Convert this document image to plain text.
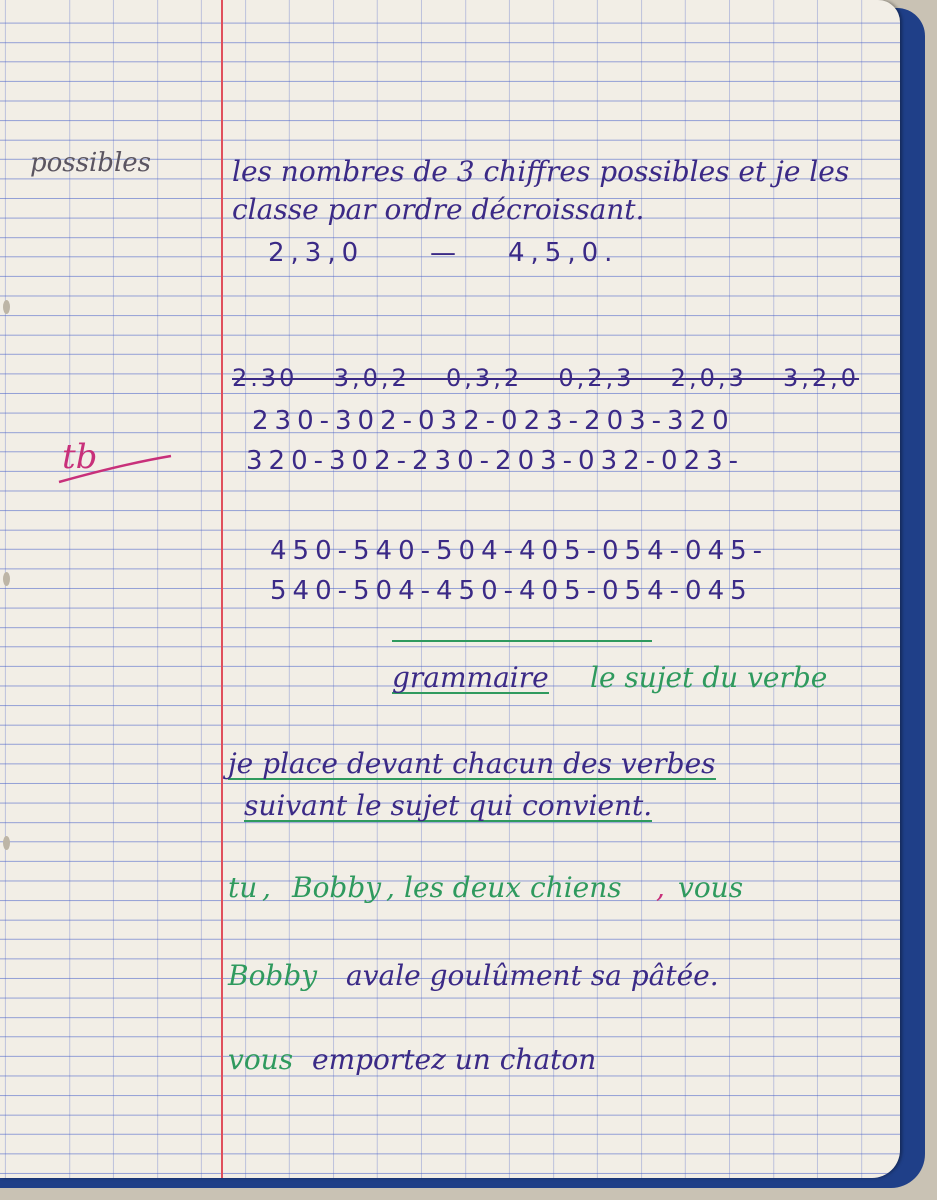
possibles
tb
les nombres de 3 chiffres possibles et je les
classe par ordre décroissant.
2,3,0	— 4,5,0.
2.30 – 3,0,2 – 0,3,2 – 0,2,3 – 2,0,3 – 3,2,0
230-302-032-023-203-320
320-302-230-203-032-023-
450-540-504-405-054-045-
540-504-450-405-054-045
grammaire le sujet du verbe
je place devant chacun des verbes
suivant le sujet qui convient.
tu , Bobby , les deux chiens , vous
Bobby avale goulûment sa pâtée.
vous emportez un chaton
